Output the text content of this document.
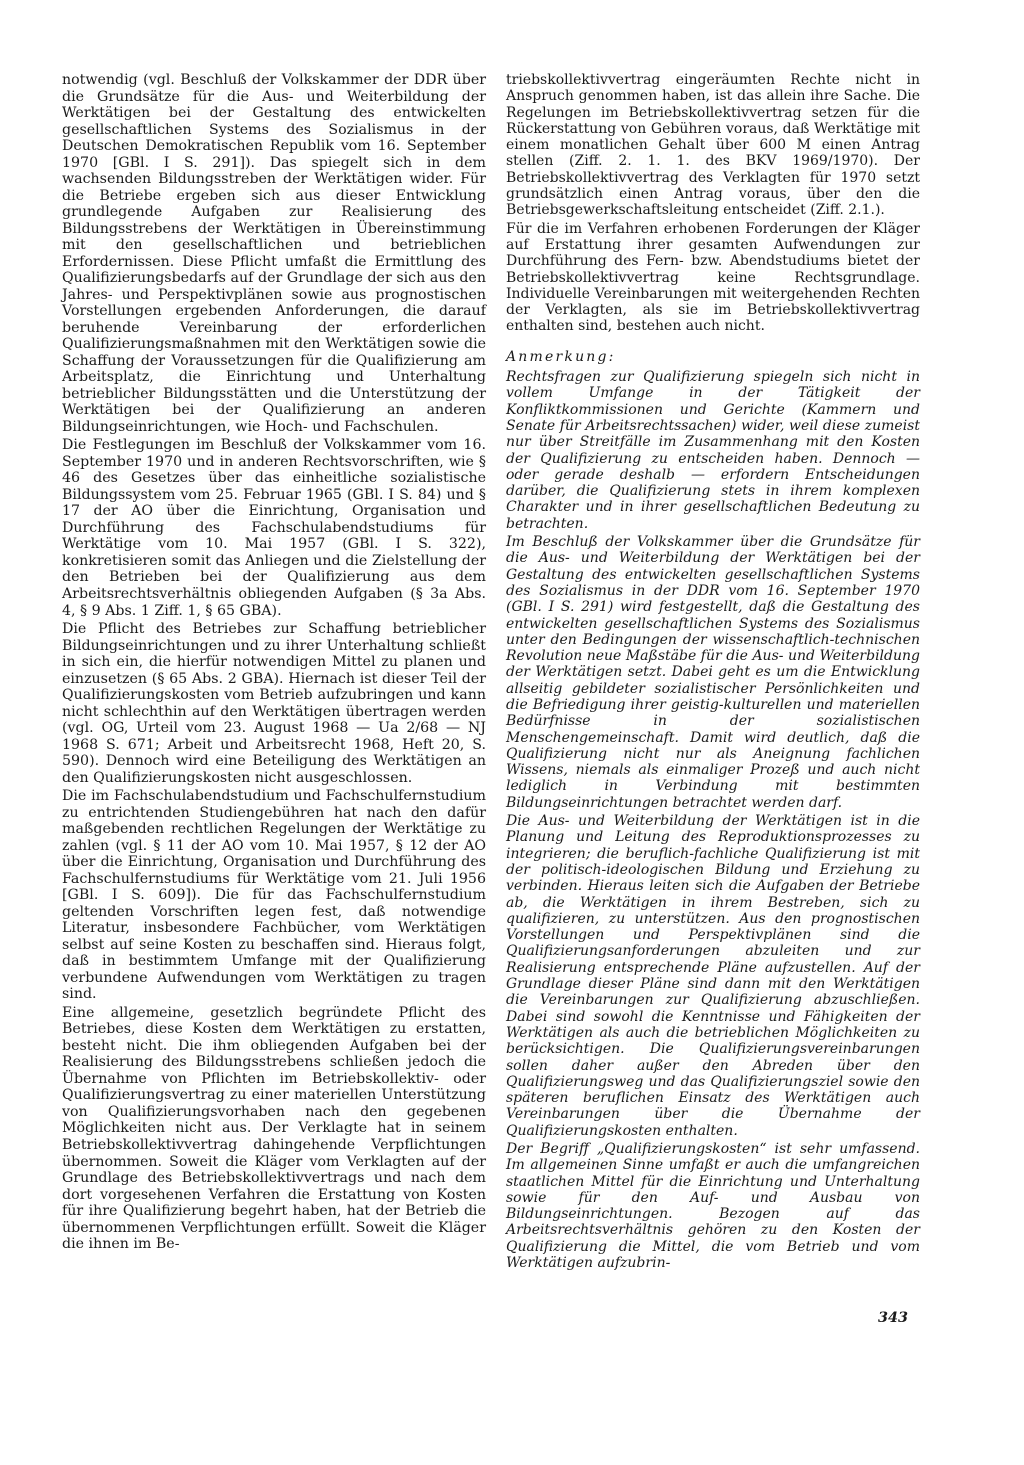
notwendig (vgl. Beschluß der Volkskammer der DDR über die Grundsätze für die Aus- und Weiterbildung der Werktätigen bei der Gestaltung des entwickelten gesellschaftlichen Systems des Sozialismus in der Deutschen Demokratischen Republik vom 16. September 1970 [GBl. I S. 291]). Das spiegelt sich in dem wachsenden Bildungsstreben der Werktätigen wider. Für die Betriebe ergeben sich aus dieser Entwicklung grundlegende Aufgaben zur Realisierung des Bildungsstrebens der Werktätigen in Übereinstimmung mit den gesellschaftlichen und betrieblichen Erfordernissen. Diese Pflicht umfaßt die Ermittlung des Qualifizierungsbedarfs auf der Grundlage der sich aus den Jahres- und Perspektivplänen sowie aus prognostischen Vorstellungen ergebenden Anforderungen, die darauf beruhende Vereinbarung der erforderlichen Qualifizierungsmaßnahmen mit den Werktätigen sowie die Schaffung der Voraussetzungen für die Qualifizierung am Arbeitsplatz, die Einrichtung und Unterhaltung betrieblicher Bildungsstätten und die Unterstützung der Werktätigen bei der Qualifizierung an anderen Bildungseinrichtungen, wie Hoch- und Fachschulen.

Die Festlegungen im Beschluß der Volkskammer vom 16. September 1970 und in anderen Rechtsvorschriften, wie § 46 des Gesetzes über das einheitliche sozialistische Bildungssystem vom 25. Februar 1965 (GBl. I S. 84) und § 17 der AO über die Einrichtung, Organisation und Durchführung des Fachschulabendstudiums für Werktätige vom 10. Mai 1957 (GBl. I S. 322), konkretisieren somit das Anliegen und die Zielstellung der den Betrieben bei der Qualifizierung aus dem Arbeitsrechtsverhältnis obliegenden Aufgaben (§ 3a Abs. 4, § 9 Abs. 1 Ziff. 1, § 65 GBA).

Die Pflicht des Betriebes zur Schaffung betrieblicher Bildungseinrichtungen und zu ihrer Unterhaltung schließt in sich ein, die hierfür notwendigen Mittel zu planen und einzusetzen (§ 65 Abs. 2 GBA). Hiernach ist dieser Teil der Qualifizierungskosten vom Betrieb aufzubringen und kann nicht schlechthin auf den Werktätigen übertragen werden (vgl. OG, Urteil vom 23. August 1968 — Ua 2/68 — NJ 1968 S. 671; Arbeit und Arbeitsrecht 1968, Heft 20, S. 590). Dennoch wird eine Beteiligung des Werktätigen an den Qualifizierungskosten nicht ausgeschlossen.

Die im Fachschulabendstudium und Fachschulfernstudium zu entrichtenden Studiengebühren hat nach den dafür maßgebenden rechtlichen Regelungen der Werktätige zu zahlen (vgl. § 11 der AO vom 10. Mai 1957, § 12 der AO über die Einrichtung, Organisation und Durchführung des Fachschulfernstudiums für Werktätige vom 21. Juli 1956 [GBl. I S. 609]). Die für das Fachschulfernstudium geltenden Vorschriften legen fest, daß notwendige Literatur, insbesondere Fachbücher, vom Werktätigen selbst auf seine Kosten zu beschaffen sind. Hieraus folgt, daß in bestimmtem Umfange mit der Qualifizierung verbundene Aufwendungen vom Werktätigen zu tragen sind.

Eine allgemeine, gesetzlich begründete Pflicht des Betriebes, diese Kosten dem Werktätigen zu erstatten, besteht nicht. Die ihm obliegenden Aufgaben bei der Realisierung des Bildungsstrebens schließen jedoch die Übernahme von Pflichten im Betriebskollektiv- oder Qualifizierungsvertrag zu einer materiellen Unterstützung von Qualifizierungsvorhaben nach den gegebenen Möglichkeiten nicht aus. Der Verklagte hat in seinem Betriebskollektivvertrag dahingehende Verpflichtungen übernommen. Soweit die Kläger vom Verklagten auf der Grundlage des Betriebskollektivvertrags und nach dem dort vorgesehenen Verfahren die Erstattung von Kosten für ihre Qualifizierung begehrt haben, hat der Betrieb die übernommenen Verpflichtungen erfüllt. Soweit die Kläger die ihnen im Be-

triebskollektivvertrag eingeräumten Rechte nicht in Anspruch genommen haben, ist das allein ihre Sache. Die Regelungen im Betriebskollektivvertrag setzen für die Rückerstattung von Gebühren voraus, daß Werktätige mit einem monatlichen Gehalt über 600 M einen Antrag stellen (Ziff. 2. 1. 1. des BKV 1969/1970). Der Betriebskollektivvertrag des Verklagten für 1970 setzt grundsätzlich einen Antrag voraus, über den die Betriebsgewerkschaftsleitung entscheidet (Ziff. 2.1.).

Für die im Verfahren erhobenen Forderungen der Kläger auf Erstattung ihrer gesamten Aufwendungen zur Durchführung des Fern- bzw. Abendstudiums bietet der Betriebskollektivvertrag keine Rechtsgrundlage. Individuelle Vereinbarungen mit weitergehenden Rechten der Verklagten, als sie im Betriebskollektivvertrag enthalten sind, bestehen auch nicht.

Anmerkung:

Rechtsfragen zur Qualifizierung spiegeln sich nicht in vollem Umfange in der Tätigkeit der Konfliktkommissionen und Gerichte (Kammern und Senate für Arbeitsrechtssachen) wider, weil diese zumeist nur über Streitfälle im Zusammenhang mit den Kosten der Qualifizierung zu entscheiden haben. Dennoch — oder gerade deshalb — erfordern Entscheidungen darüber, die Qualifizierung stets in ihrem komplexen Charakter und in ihrer gesellschaftlichen Bedeutung zu betrachten.

Im Beschluß der Volkskammer über die Grundsätze für die Aus- und Weiterbildung der Werktätigen bei der Gestaltung des entwickelten gesellschaftlichen Systems des Sozialismus in der DDR vom 16. September 1970 (GBl. I S. 291) wird festgestellt, daß die Gestaltung des entwickelten gesellschaftlichen Systems des Sozialismus unter den Bedingungen der wissenschaftlich-technischen Revolution neue Maßstäbe für die Aus- und Weiterbildung der Werktätigen setzt. Dabei geht es um die Entwicklung allseitig gebildeter sozialistischer Persönlichkeiten und die Befriedigung ihrer geistig-kulturellen und materiellen Bedürfnisse in der sozialistischen Menschengemeinschaft. Damit wird deutlich, daß die Qualifizierung nicht nur als Aneignung fachlichen Wissens, niemals als einmaliger Prozeß und auch nicht lediglich in Verbindung mit bestimmten Bildungseinrichtungen betrachtet werden darf.

Die Aus- und Weiterbildung der Werktätigen ist in die Planung und Leitung des Reproduktionsprozesses zu integrieren; die beruflich-fachliche Qualifizierung ist mit der politisch-ideologischen Bildung und Erziehung zu verbinden. Hieraus leiten sich die Aufgaben der Betriebe ab, die Werktätigen in ihrem Bestreben, sich zu qualifizieren, zu unterstützen. Aus den prognostischen Vorstellungen und Perspektivplänen sind die Qualifizierungsanforderungen abzuleiten und zur Realisierung entsprechende Pläne aufzustellen. Auf der Grundlage dieser Pläne sind dann mit den Werktätigen die Vereinbarungen zur Qualifizierung abzuschließen. Dabei sind sowohl die Kenntnisse und Fähigkeiten der Werktätigen als auch die betrieblichen Möglichkeiten zu berücksichtigen. Die Qualifizierungsvereinbarungen sollen daher außer den Abreden über den Qualifizierungsweg und das Qualifizierungsziel sowie den späteren beruflichen Einsatz des Werktätigen auch Vereinbarungen über die Übernahme der Qualifizierungskosten enthalten.

Der Begriff „Qualifizierungskosten“ ist sehr umfassend. Im allgemeinen Sinne umfaßt er auch die umfangreichen staatlichen Mittel für die Einrichtung und Unterhaltung sowie für den Auf- und Ausbau von Bildungseinrichtungen. Bezogen auf das Arbeitsrechtsverhältnis gehören zu den Kosten der Qualifizierung die Mittel, die vom Betrieb und vom Werktätigen aufzubrin-

343
